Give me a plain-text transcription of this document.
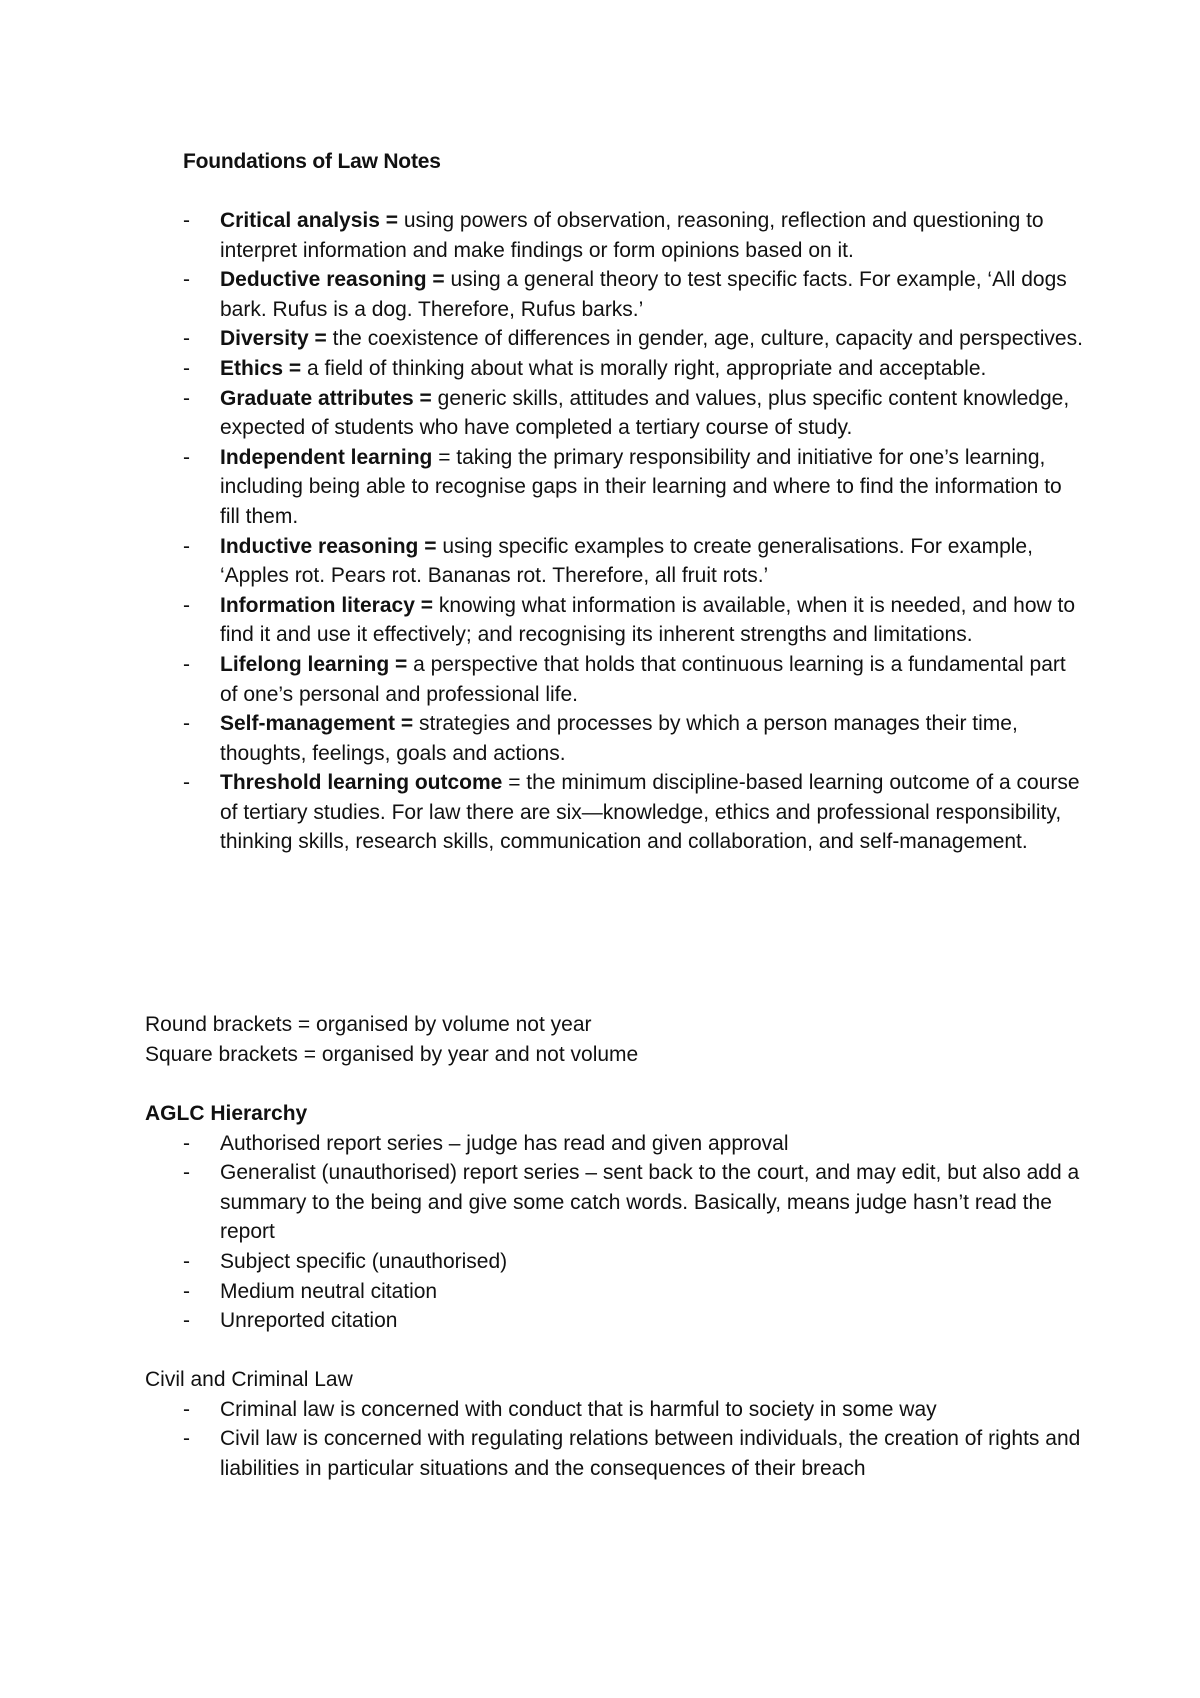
Foundations of Law Notes
- Critical analysis = using powers of observation, reasoning, reflection and questioning to interpret information and make findings or form opinions based on it.
- Deductive reasoning = using a general theory to test specific facts. For example, ‘All dogs bark. Rufus is a dog. Therefore, Rufus barks.’
- Diversity = the coexistence of differences in gender, age, culture, capacity and perspectives.
- Ethics = a field of thinking about what is morally right, appropriate and acceptable.
- Graduate attributes = generic skills, attitudes and values, plus specific content knowledge, expected of students who have completed a tertiary course of study.
- Independent learning = taking the primary responsibility and initiative for one’s learning, including being able to recognise gaps in their learning and where to find the information to fill them.
- Inductive reasoning = using specific examples to create generalisations. For example, ‘Apples rot. Pears rot. Bananas rot. Therefore, all fruit rots.’
- Information literacy = knowing what information is available, when it is needed, and how to find it and use it effectively; and recognising its inherent strengths and limitations.
- Lifelong learning = a perspective that holds that continuous learning is a fundamental part of one’s personal and professional life.
- Self-management = strategies and processes by which a person manages their time, thoughts, feelings, goals and actions.
- Threshold learning outcome = the minimum discipline-based learning outcome of a course of tertiary studies. For law there are six—knowledge, ethics and professional responsibility, thinking skills, research skills, communication and collaboration, and self-management.
Round brackets = organised by volume not year
Square brackets = organised by year and not volume
AGLC Hierarchy
- Authorised report series – judge has read and given approval
- Generalist (unauthorised) report series – sent back to the court, and may edit, but also add a summary to the being and give some catch words. Basically, means judge hasn’t read the report
- Subject specific (unauthorised)
- Medium neutral citation
- Unreported citation
Civil and Criminal Law
- Criminal law is concerned with conduct that is harmful to society in some way
- Civil law is concerned with regulating relations between individuals, the creation of rights and liabilities in particular situations and the consequences of their breach
